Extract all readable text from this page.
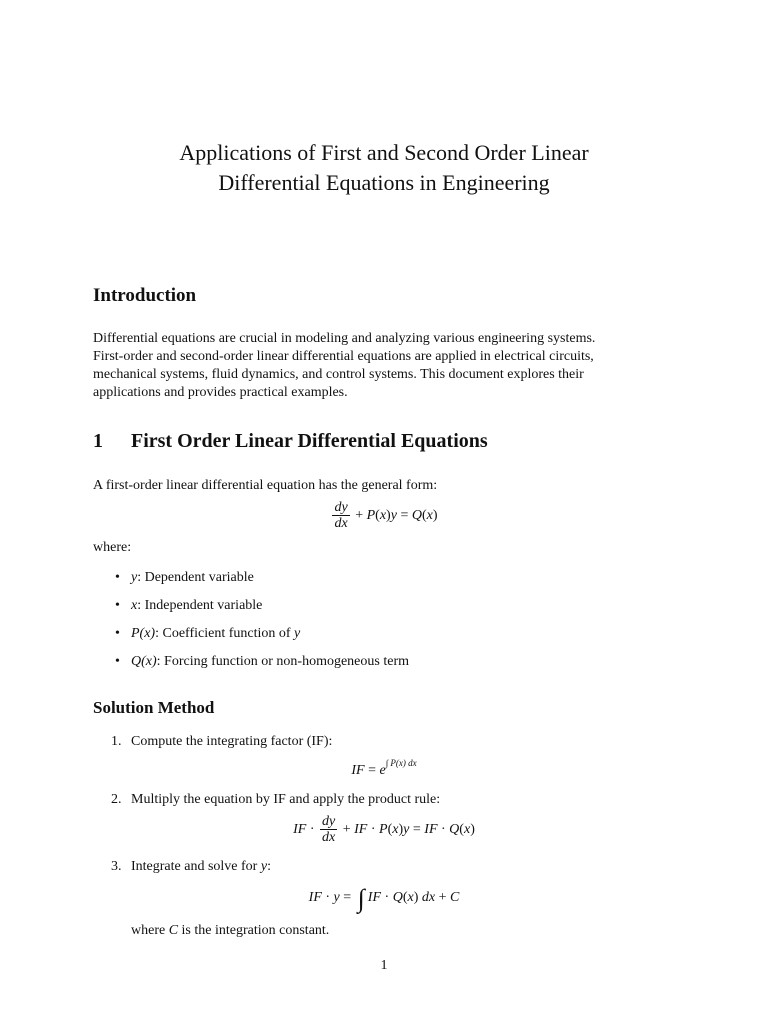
Applications of First and Second Order Linear
Differential Equations in Engineering
Introduction
Differential equations are crucial in modeling and analyzing various engineering systems.
First-order and second-order linear differential equations are applied in electrical circuits,
mechanical systems, fluid dynamics, and control systems. This document explores their
applications and provides practical examples.
1 First Order Linear Differential Equations

A first-order linear differential equation has the general form:

$\frac{dy}{dx} + P(x)y = Q(x)$

where:

• y: Dependent variable
• x: Independent variable
• P(x): Coefficient function of y
• Q(x): Forcing function or non-homogeneous term
Solution Method
1. Compute the integrating factor (IF):
IF = $e^{\int P(x) dx}$
2. Multiply the equation by IF and apply the product rule:
IF · $\frac{dy}{dx}$ + IF · P(x)y = IF · Q(x)
3. Integrate and solve for y:
IF · y = ∫ IF · Q(x) dx + C
where C is the integration constant.
1
